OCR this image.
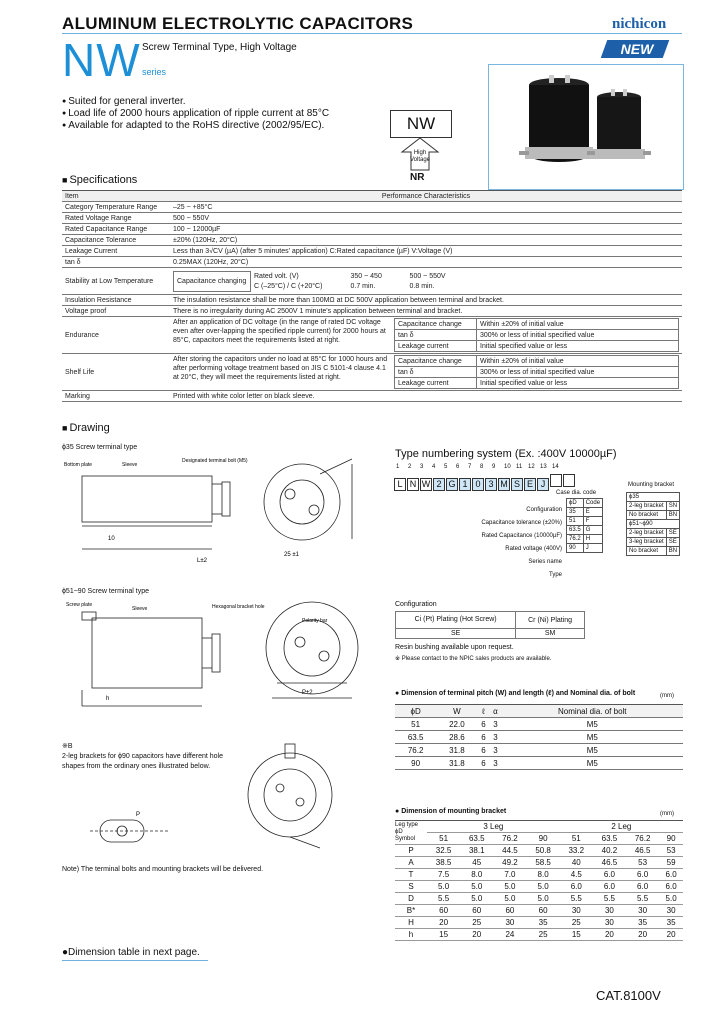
ALUMINUM ELECTROLYTIC CAPACITORS	nichicon
NEW
NW Screw Terminal Type, High Voltage
series
● Suited for general inverter.
● Load life of 2000 hours application of ripple current at 85°C
● Available for adapted to the RoHS directive (2002/95/EC).	NW
High Voltage
NR
■ Specifications
Item	Performance Characteristics
Category Temperature Range	–25 ~ +85°C
Rated Voltage Range	500 ~ 550V
Rated Capacitance Range	100 ~ 12000µF
Capacitance Tolerance	±20% (120Hz, 20°C)
Leakage Current	Less than 3√CV (µA) (after 5 minutes' application) C:Rated capacitance (µF) V:Voltage (V)
tan δ	0.25MAX (120Hz, 20°C)
Stability at Low Temperature		Capacitance changing	Rated volt. (V)	350 ~ 450	500 ~ 550V
C (–25°C) / C (+20°C)	0.7 min.	0.8 min.

Insulation Resistance	The insulation resistance shall be more than 100MΩ at DC 500V application between terminal and bracket.
Voltage proof	There is no irregularity during AC 2500V 1 minute's application between terminal and bracket.
Endurance	
After an application of DC voltage (in the range of rated DC voltage even after over-lapping the specified ripple current) for 2000 hours at 85°C, capacitors meet the requirements listed at right.
Capacitance change	Within ±20% of initial value
tan δ	300% or less of initial specified value
Leakage current	Initial specified value or less

Shelf Life	
After storing the capacitors under no load at 85°C for 1000 hours and after performing voltage treatment based on JIS C 5101-4 clause 4.1 at 20°C, they will meet the requirements listed at right.
Capacitance change	Within ±20% of initial value
tan δ	300% or less of initial specified value
Leakage current	Initial specified value or less

Marking	Printed with white color letter on black sleeve.
■ Drawing
ϕ35 Screw terminal type
Bottom plate	Sleeve
Designated terminal bolt (M5)
10
25 ±1
L±2
ϕ51~90 Screw terminal type
Screw plate
Sleeve	Hexagonal bracket hole
Polarity bar
h
P±2
※B
2-leg brackets for ϕ90 capacitors have different hole shapes from the ordinary ones illustrated below.
P
Note) The terminal bolts and mounting brackets will be delivered.
Type numbering system (Ex. :400V 10000µF)
1 2 3 4 5 6 7 8 9 10 11 12 13 14
L N W 2 G 1 0 3 M S E J
Configuration
Capacitance tolerance (±20%)
Rated Capacitance (10000µF)
Rated voltage (400V)
Series name
Type
Case dia. code
ϕD	Code
35	E
51	F
63.5	G
76.2	H
90	J
Mounting bracket
ϕ35	
2-leg bracket	SN
No bracket	BN
ϕ51~ϕ90	
2-leg bracket	SE
3-leg bracket	SE
No bracket	BN
Configuration
Ci (Pt) Plating (Hot Screw)	Cr (Ni) Plating
SE	SM
Resin bushing available upon request.
※ Please contact to the NPIC sales products are available.
● Dimension of terminal pitch (W) and length (ℓ) and Nominal dia. of bolt	(mm)
ϕD	W	ℓ	α	Nominal dia. of bolt
51	22.0	6	3	M5
63.5	28.6	6	3	M5
76.2	31.8	6	3	M5
90	31.8	6	3	M5
● Dimension of mounting bracket	(mm)
Leg type
ϕD
Symbol	3 Leg				2 Leg			
	51	63.5	76.2	90	51	63.5	76.2	90
P	32.5	38.1	44.5	50.8	33.2	40.2	46.5	53
A	38.5	45	49.2	58.5	40	46.5	53	59
T	7.5	8.0	7.0	8.0	4.5	6.0	6.0	6.0
S	5.0	5.0	5.0	5.0	6.0	6.0	6.0	6.0
D	5.5	5.0	5.0	5.0	5.5	5.5	5.5	5.0
B*	60	60	60	60	30	30	30	30
H	20	25	30	35	25	30	35	35
h	15	20	24	25	15	20	20	20
●Dimension table in next page.
CAT.8100V
